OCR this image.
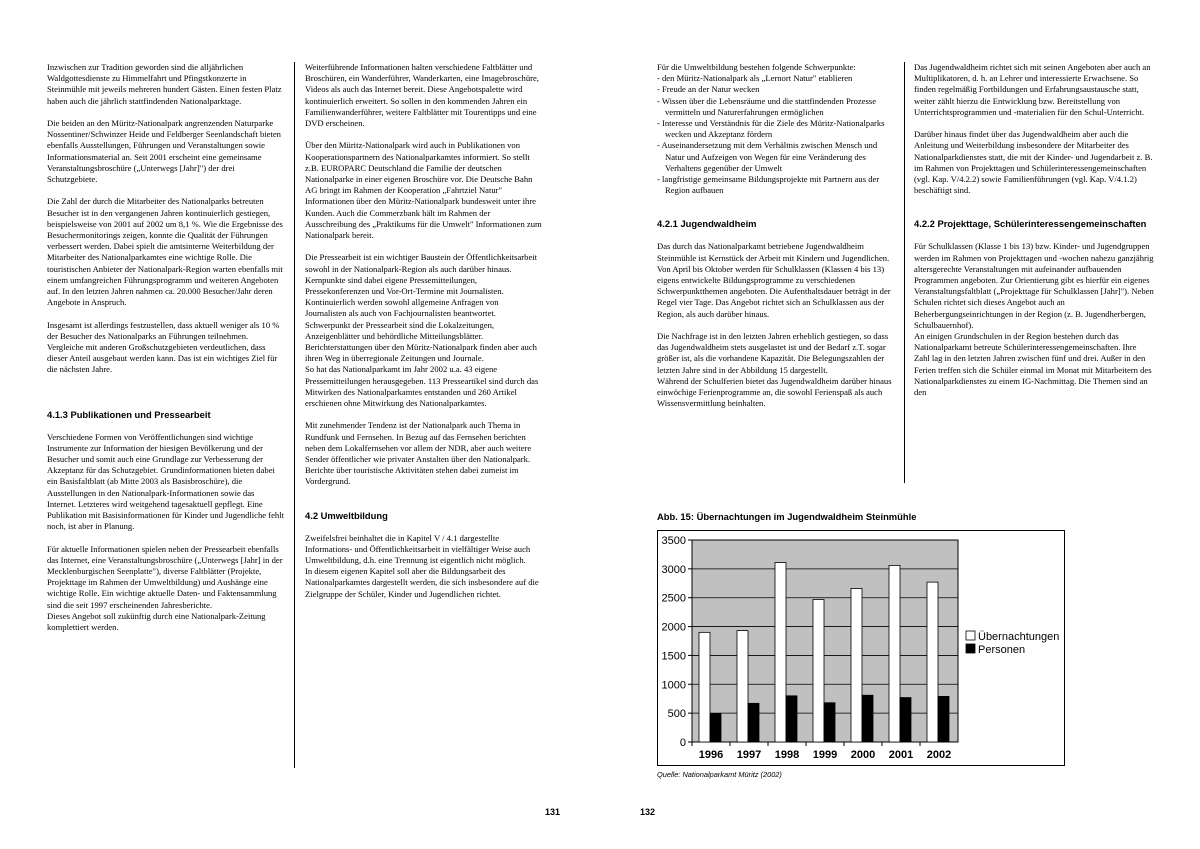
Inzwischen zur Tradition geworden sind die alljährlichen Waldgottesdienste zu Himmelfahrt und Pfingstkonzerte in Steinmühle mit jeweils mehreren hundert Gästen. Einen festen Platz haben auch die jährlich stattfindenden Nationalparktage.

Die beiden an den Müritz-Nationalpark angrenzenden Naturparke Nossentiner/Schwinzer Heide und Feldberger Seenlandschaft bieten ebenfalls Ausstellungen, Führungen und Veranstaltungen sowie Informationsmaterial an. Seit 2001 erscheint eine gemeinsame Veranstaltungsbroschüre („Unterwegs [Jahr]") der drei Schutzgebiete.

Die Zahl der durch die Mitarbeiter des Nationalparks betreuten Besucher ist in den vergangenen Jahren kontinuierlich gestiegen, beispielsweise von 2001 auf 2002 um 8,1 %. Wie die Ergebnisse des Besuchermonitorings zeigen, konnte die Qualität der Führungen verbessert werden. Dabei spielt die amtsinterne Weiterbildung der Mitarbeiter des Nationalparkamtes eine wichtige Rolle. Die touristischen Anbieter der Nationalpark-Region warten ebenfalls mit einem umfangreichen Führungsprogramm und weiteren Angeboten auf. In den letzten Jahren nahmen ca. 20.000 Besucher/Jahr deren Angebote in Anspruch.

Insgesamt ist allerdings festzustellen, dass aktuell weniger als 10 % der Besucher des Nationalparks an Führungen teilnehmen. Vergleiche mit anderen Großschutzgebieten verdeutlichen, dass dieser Anteil ausgebaut werden kann. Das ist ein wichtiges Ziel für die nächsten Jahre.

4.1.3 Publikationen und Pressearbeit

Verschiedene Formen von Veröffentlichungen sind wichtige Instrumente zur Information der hiesigen Bevölkerung und der Besucher und somit auch eine Grundlage zur Verbesserung der Akzeptanz für das Schutzgebiet. Grundinformationen bieten dabei ein Basisfaltblatt (ab Mitte 2003 als Basisbroschüre), die Ausstellungen in den Nationalpark-Informationen sowie das Internet. Letzteres wird weitgehend tagesaktuell gepflegt. Eine Publikation mit Basisinformationen für Kinder und Jugendliche fehlt noch, ist aber in Planung.

Für aktuelle Informationen spielen neben der Pressearbeit ebenfalls das Internet, eine Veranstaltungsbroschüre („Unterwegs [Jahr] in der Mecklenburgischen Seenplatte"), diverse Faltblätter (Projekte, Projekttage im Rahmen der Umweltbildung) und Aushänge eine wichtige Rolle. Ein wichtige aktuelle Daten- und Faktensammlung sind die seit 1997 erscheinenden Jahresberichte.

Dieses Angebot soll zukünftig durch eine Nationalpark-Zeitung komplettiert werden.

Weiterführende Informationen halten verschiedene Faltblätter und Broschüren, ein Wanderführer, Wanderkarten, eine Imagebroschüre, Videos als auch das Internet bereit. Diese Angebotspalette wird kontinuierlich erweitert. So sollen in den kommenden Jahren ein Familienwanderführer, weitere Faltblätter mit Tourentipps und eine DVD erscheinen.

Über den Müritz-Nationalpark wird auch in Publikationen von Kooperationspartnern des Nationalparkamtes informiert. So stellt z.B. EUROPARC Deutschland die Familie der deutschen Nationalparke in einer eigenen Broschüre vor. Die Deutsche Bahn AG bringt im Rahmen der Kooperation „Fahrtziel Natur" Informationen über den Müritz-Nationalpark bundesweit unter ihre Kunden. Auch die Commerzbank hält im Rahmen der Ausschreibung des „Praktikums für die Umwelt" Informationen zum Nationalpark bereit.

Die Pressearbeit ist ein wichtiger Baustein der Öffentlichkeitsarbeit sowohl in der Nationalpark-Region als auch darüber hinaus. Kernpunkte sind dabei eigene Pressemitteilungen, Pressekonferenzen und Vor-Ort-Termine mit Journalisten. Kontinuierlich werden sowohl allgemeine Anfragen von Journalisten als auch von Fachjournalisten beantwortet.

Schwerpunkt der Pressearbeit sind die Lokalzeitungen, Anzeigenblätter und behördliche Mitteilungsblätter. Berichterstattungen über den Müritz-Nationalpark finden aber auch ihren Weg in überregionale Zeitungen und Journale.

So hat das Nationalparkamt im Jahr 2002 u.a. 43 eigene Pressemitteilungen herausgegeben. 113 Presseartikel sind durch das Mitwirken des Nationalparkamtes entstanden und 260 Artikel erschienen ohne Mitwirkung des Nationalparkamtes.

Mit zunehmender Tendenz ist der Nationalpark auch Thema in Rundfunk und Fernsehen. In Bezug auf das Fernsehen berichten neben dem Lokalfernsehen vor allem der NDR, aber auch weitere Sender öffentlicher wie privater Anstalten über den Nationalpark. Berichte über touristische Aktivitäten stehen dabei zumeist im Vordergrund.

4.2 Umweltbildung

Zweifelsfrei beinhaltet die in Kapitel V / 4.1 dargestellte Informations- und Öffentlichkeitsarbeit in vielfältiger Weise auch Umweltbildung, d.h. eine Trennung ist eigentlich nicht möglich.

In diesem eigenen Kapitel soll aber die Bildungsarbeit des Nationalparkamtes dargestellt werden, die sich insbesondere auf die Zielgruppe der Schüler, Kinder und Jugendlichen richtet.

131	132
Für die Umweltbildung bestehen folgende Schwerpunkte:
- den Müritz-Nationalpark als „Lernort Natur" etablieren
- Freude an der Natur wecken
- Wissen über die Lebensräume und die stattfindenden Prozesse vermitteln und Naturerfahrungen ermöglichen
- Interesse und Verständnis für die Ziele des Müritz-Nationalparks wecken und Akzeptanz fördern
- Auseinandersetzung mit dem Verhältnis zwischen Mensch und Natur und Aufzeigen von Wegen für eine Veränderung des Verhaltens gegenüber der Umwelt
- langfristige gemeinsame Bildungsprojekte mit Partnern aus der Region aufbauen
4.2.1 Jugendwaldheim

Das durch das Nationalparkamt betriebene Jugendwaldheim Steinmühle ist Kernstück der Arbeit mit Kindern und Jugendlichen. Von April bis Oktober werden für Schulklassen (Klassen 4 bis 13) eigens entwickelte Bildungsprogramme zu verschiedenen Schwerpunktthemen angeboten. Die Aufenthaltsdauer beträgt in der Regel vier Tage. Das Angebot richtet sich an Schulklassen aus der Region, als auch darüber hinaus.

Die Nachfrage ist in den letzten Jahren erheblich gestiegen, so dass das Jugendwaldheim stets ausgelastet ist und der Bedarf z.T. sogar größer ist, als die vorhandene Kapazität. Die Belegungszahlen der letzten Jahre sind in der Abbildung 15 dargestellt.

Während der Schulferien bietet das Jugendwaldheim darüber hinaus einwöchige Ferienprogramme an, die sowohl Ferienspaß als auch Wissensvermittlung beinhalten.

Das Jugendwaldheim richtet sich mit seinen Angeboten aber auch an Multiplikatoren, d. h. an Lehrer und interessierte Erwachsene. So finden regelmäßig Fortbildungen und Erfahrungsaustausche statt, weiter zählt hierzu die Entwicklung bzw. Bereitstellung von Unterrichtsprogrammen und -materialien für den Schul-Unterricht.

Darüber hinaus findet über das Jugendwaldheim aber auch die Anleitung und Weiterbildung insbesondere der Mitarbeiter des Nationalparkdienstes statt, die mit der Kinder- und Jugendarbeit z. B. im Rahmen von Projekttagen und Schülerinteressengemeinschaften (vgl. Kap. V/4.2.2) sowie Familienführungen (vgl. Kap. V/4.1.2) beschäftigt sind.

4.2.2 Projekttage, Schülerinteressengemeinschaften

Für Schulklassen (Klasse 1 bis 13) bzw. Kinder- und Jugendgruppen werden im Rahmen von Projekttagen und -wochen nahezu ganzjährig altersgerechte Veranstaltungen mit aufeinander aufbauenden Programmen angeboten. Zur Orientierung gibt es hierfür ein eigenes Veranstaltungsfaltblatt („Projekttage für Schulklassen [Jahr]"). Neben Schulen richtet sich dieses Angebot auch an Beherbergungseinrichtungen in der Region (z. B. Jugendherbergen, Schulbauernhof).

An einigen Grundschulen in der Region bestehen durch das Nationalparkamt betreute Schülerinteressengemeinschaften. Ihre Zahl lag in den letzten Jahren zwischen fünf und drei. Außer in den Ferien treffen sich die Schüler einmal im Monat mit Mitarbeitern des Nationalparkdienstes zu einem IG-Nachmittag. Die Themen sind an den

Abb. 15: Übernachtungen im Jugendwaldheim Steinmühle
0
500
1000
1500
2000
2500
3000
3500
1996 1997 1998 1999 2000 2001 2002
Übernachtungen
Personen
Quelle: Nationalparkamt Müritz (2002)
